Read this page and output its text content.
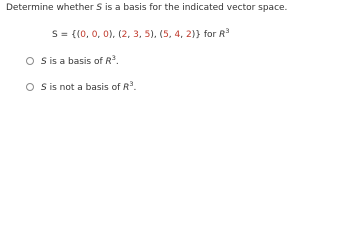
Determine whether S is a basis for the indicated vector space.
S = {(0, 0, 0), (2, 3, 5), (5, 4, 2)} for $R^3$
S is a basis of $R^3$.
S is not a basis of $R^3$.
